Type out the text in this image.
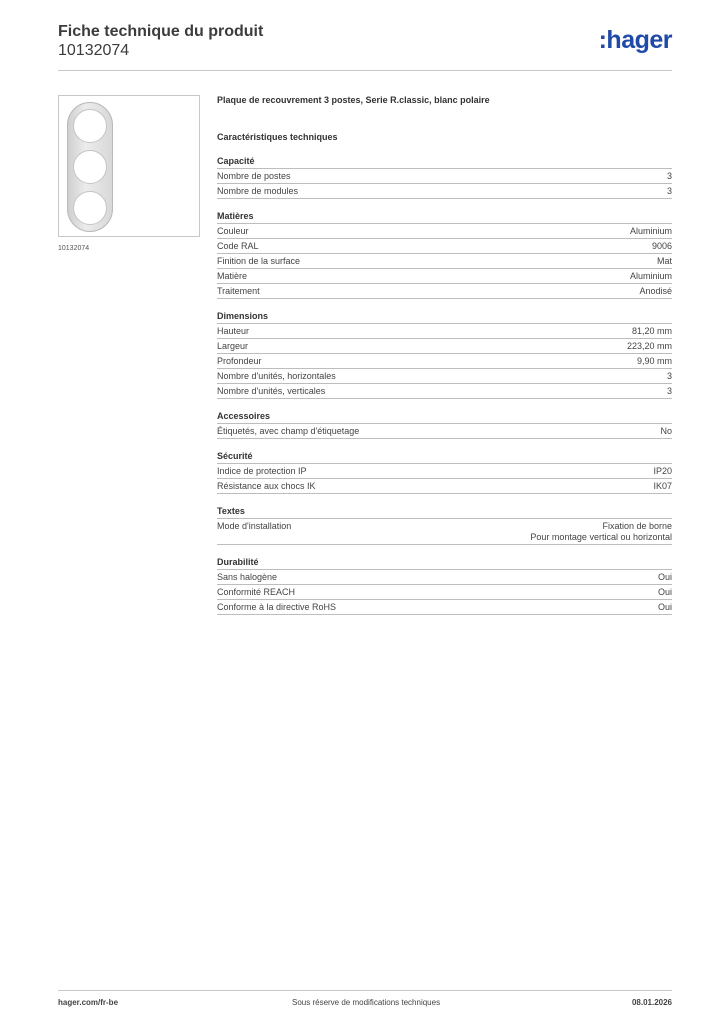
Fiche technique du produit
10132074	:hager
10132074
Plaque de recouvrement 3 postes, Serie R.classic, blanc polaire
Caractéristiques techniques
Capacité
Nombre de postes	3
Nombre de modules	3
Matières
Couleur	Aluminium
Code RAL	9006
Finition de la surface	Mat
Matière	Aluminium
Traitement	Anodisé
Dimensions
Hauteur	81,20 mm
Largeur	223,20 mm
Profondeur	9,90 mm
Nombre d'unités, horizontales	3
Nombre d'unités, verticales	3
Accessoires
Étiquetés, avec champ d'étiquetage	No
Sécurité
Indice de protection IP	IP20
Résistance aux chocs IK	IK07
Textes
Mode d'installation	Fixation de borne
Pour montage vertical ou horizontal
Durabilité
Sans halogène	Oui
Conformité REACH	Oui
Conforme à la directive RoHS	Oui
hager.com/fr-be	Sous réserve de modifications techniques	08.01.2026
